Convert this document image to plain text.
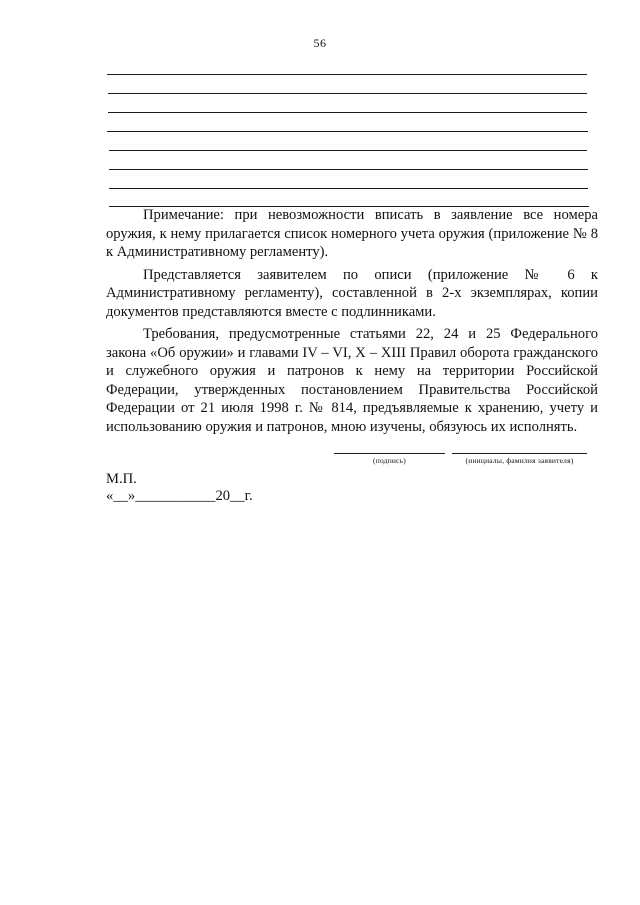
56

Примечание: при невозможности вписать в заявление все номера оружия, к нему прилагается список номерного учета оружия (приложение № 8 к Административному регламенту).

Представляется заявителем по описи (приложение № 6 к Административному регламенту), составленной в 2-х экземплярах, копии документов представляются вместе с подлинниками.

Требования, предусмотренные статьями 22, 24 и 25 Федерального закона «Об оружии» и главами IV – VI, X – XIII Правил оборота гражданского и служебного оружия и патронов к нему на территории Российской Федерации, утвержденных постановлением Правительства Российской Федерации от 21 июля 1998 г. № 814, предъявляемые к хранению, учету и использованию оружия и патронов, мною изучены, обязуюсь их исполнять.

(подпись)	(инициалы, фамилия заявителя)
М.П.
«__»___________20__г.
